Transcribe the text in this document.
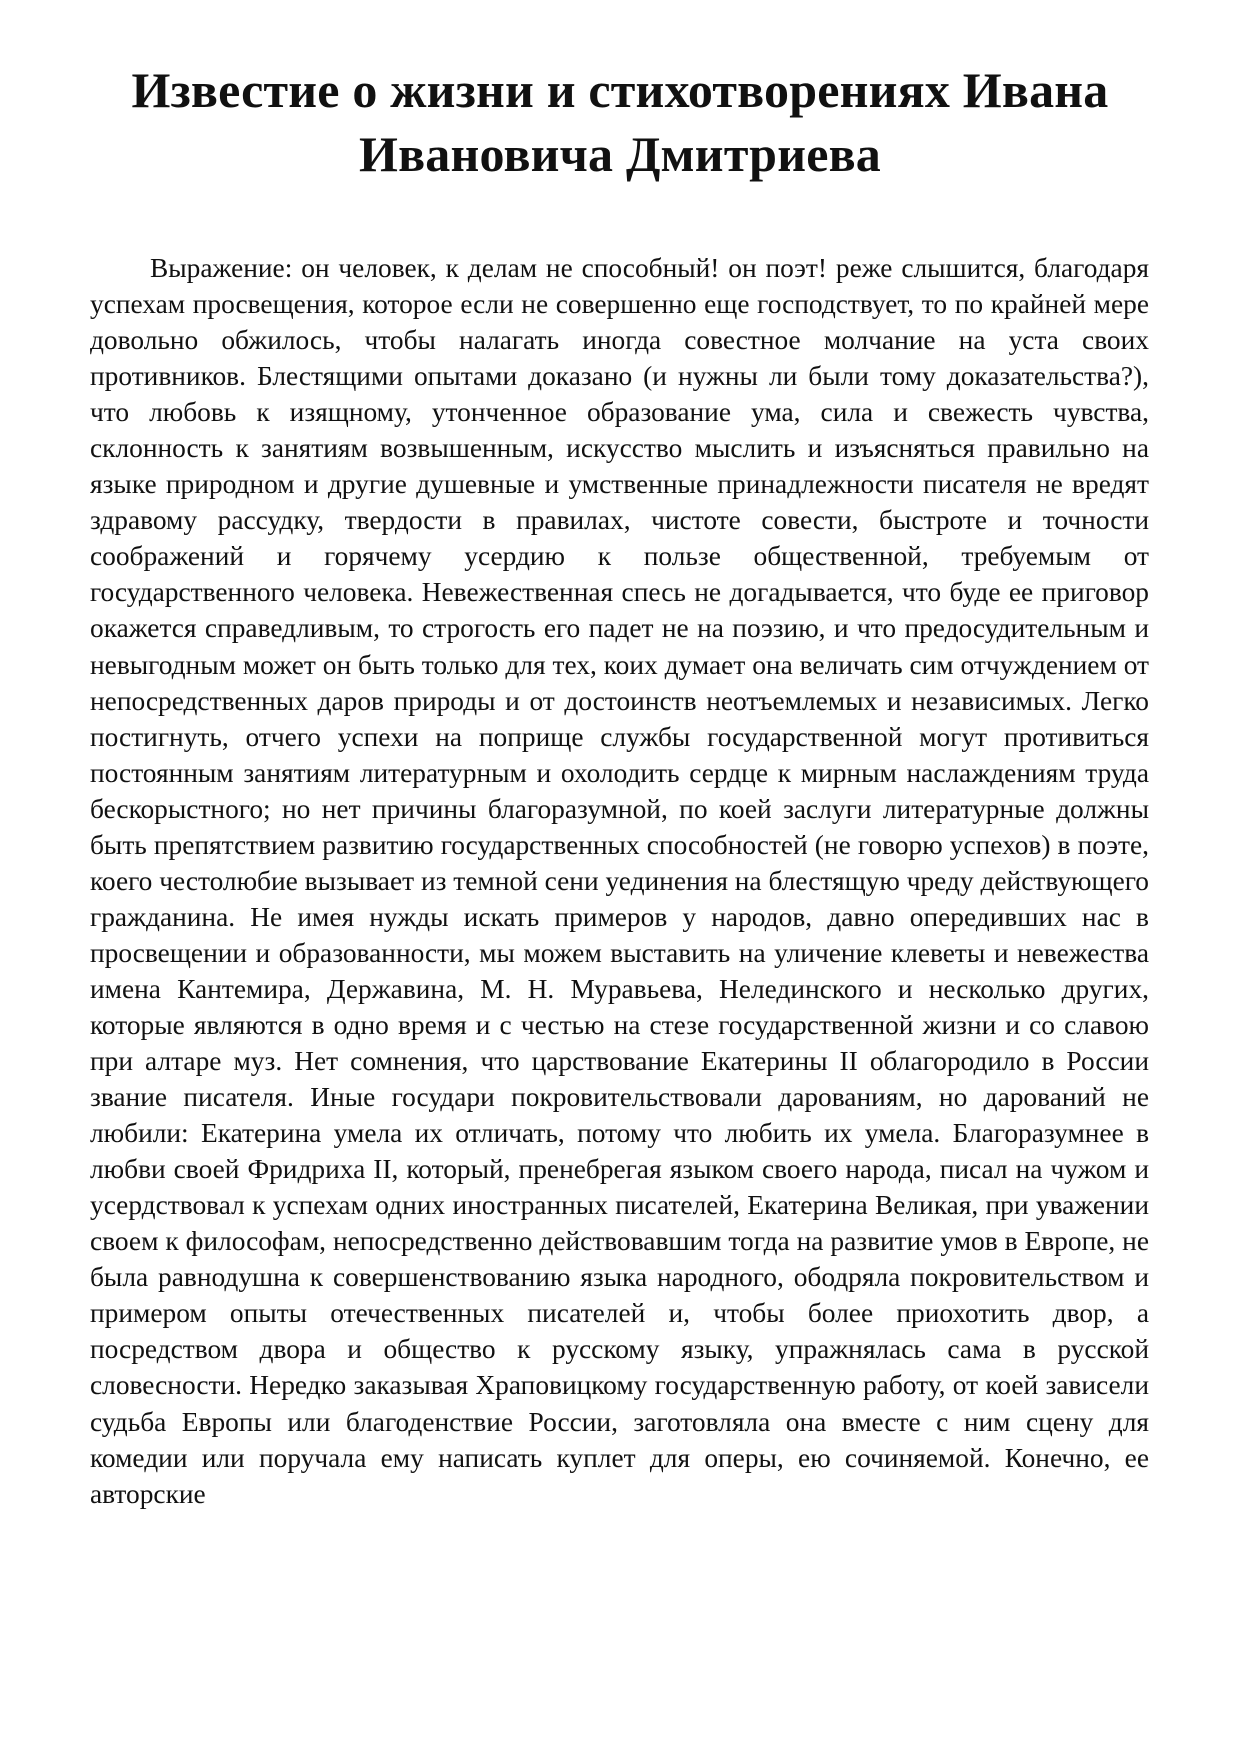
Известие о жизни и стихотворениях Ивана Ивановича Дмитриева

Выражение: он человек, к делам не способный! он поэт! реже слышится, благодаря успехам просвещения, которое если не совершенно еще господствует, то по крайней мере довольно обжилось, чтобы налагать иногда совестное молчание на уста своих противников. Блестящими опытами доказано (и нужны ли были тому доказательства?), что любовь к изящному, утонченное образование ума, сила и свежесть чувства, склонность к занятиям возвышенным, искусство мыслить и изъясняться правильно на языке природном и другие душевные и умственные принадлежности писателя не вредят здравому рассудку, твердости в правилах, чистоте совести, быстроте и точности соображений и горячему усердию к пользе общественной, требуемым от государственного человека. Невежественная спесь не догадывается, что буде ее приговор окажется справедливым, то строгость его падет не на поэзию, и что предосудительным и невыгодным может он быть только для тех, коих думает она величать сим отчуждением от непосредственных даров природы и от достоинств неотъемлемых и независимых. Легко постигнуть, отчего успехи на поприще службы государственной могут противиться постоянным занятиям литературным и охолодить сердце к мирным наслаждениям труда бескорыстного; но нет причины благоразумной, по коей заслуги литературные должны быть препятствием развитию государственных способностей (не говорю успехов) в поэте, коего честолюбие вызывает из темной сени уединения на блестящую чреду действующего гражданина. Не имея нужды искать примеров у народов, давно опередивших нас в просвещении и образованности, мы можем выставить на уличение клеветы и невежества имена Кантемира, Державина, М. Н. Муравьева, Нелединского и несколько других, которые являются в одно время и с честью на стезе государственной жизни и со славою при алтаре муз. Нет сомнения, что царствование Екатерины II облагородило в России звание писателя. Иные государи покровительствовали дарованиям, но дарований не любили: Екатерина умела их отличать, потому что любить их умела. Благоразумнее в любви своей Фридриха II, который, пренебрегая языком своего народа, писал на чужом и усердствовал к успехам одних иностранных писателей, Екатерина Великая, при уважении своем к философам, непосредственно действовавшим тогда на развитие умов в Европе, не была равнодушна к совершенствованию языка народного, ободряла покровительством и примером опыты отечественных писателей и, чтобы более приохотить двор, а посредством двора и общество к русскому языку, упражнялась сама в русской словесности. Нередко заказывая Храповицкому государственную работу, от коей зависели судьба Европы или благоденствие России, заготовляла она вместе с ним сцену для комедии или поручала ему написать куплет для оперы, ею сочиняемой. Конечно, ее авторские
